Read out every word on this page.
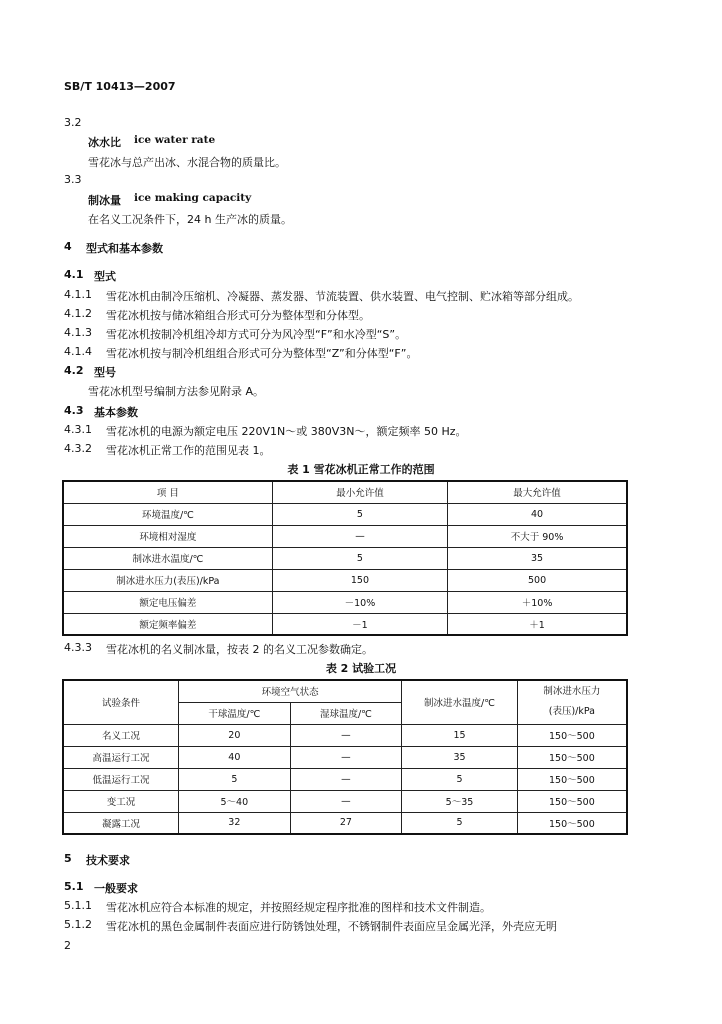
SB/T 10413—2007
3.2
冰水比 ice water rate
雪花冰与总产出冰、水混合物的质量比。
3.3
制冰量 ice making capacity
在名义工况条件下，24 h 生产冰的质量。
4 型式和基本参数
4.1 型式
4.1.1 雪花冰机由制冷压缩机、冷凝器、蒸发器、节流装置、供水装置、电气控制、贮冰箱等部分组成。
4.1.2 雪花冰机按与储冰箱组合形式可分为整体型和分体型。
4.1.3 雪花冰机按制冷机组冷却方式可分为风冷型“F”和水冷型“S”。
4.1.4 雪花冰机按与制冷机组组合形式可分为整体型“Z”和分体型“F”。
4.2 型号
雪花冰机型号编制方法参见附录 A。
4.3 基本参数
4.3.1 雪花冰机的电源为额定电压 220V1N～或 380V3N～，额定频率 50 Hz。
4.3.2 雪花冰机正常工作的范围见表 1。
表 1 雪花冰机正常工作的范围
项 目	最小允许值	最大允许值
环境温度/℃	5	40
环境相对湿度	—	不大于 90%
制冰进水温度/℃	5	35
制冰进水压力(表压)/kPa	150	500
额定电压偏差	－10%	＋10%
额定频率偏差	－1	＋1
4.3.3 雪花冰机的名义制冰量，按表 2 的名义工况参数确定。
表 2 试验工况
试验条件	环境空气状态		制冰进水温度/℃	制冰进水压力
(表压)/kPa
	干球温度/℃	湿球温度/℃		
名义工况	20	—	15	150～500
高温运行工况	40	—	35	150～500
低温运行工况	5	—	5	150～500
变工况	5～40	—	5～35	150～500
凝露工况	32	27	5	150～500
5 技术要求
5.1 一般要求
5.1.1 雪花冰机应符合本标准的规定，并按照经规定程序批准的图样和技术文件制造。
5.1.2 雪花冰机的黑色金属制件表面应进行防锈蚀处理，不锈钢制件表面应呈金属光泽，外壳应无明
2
